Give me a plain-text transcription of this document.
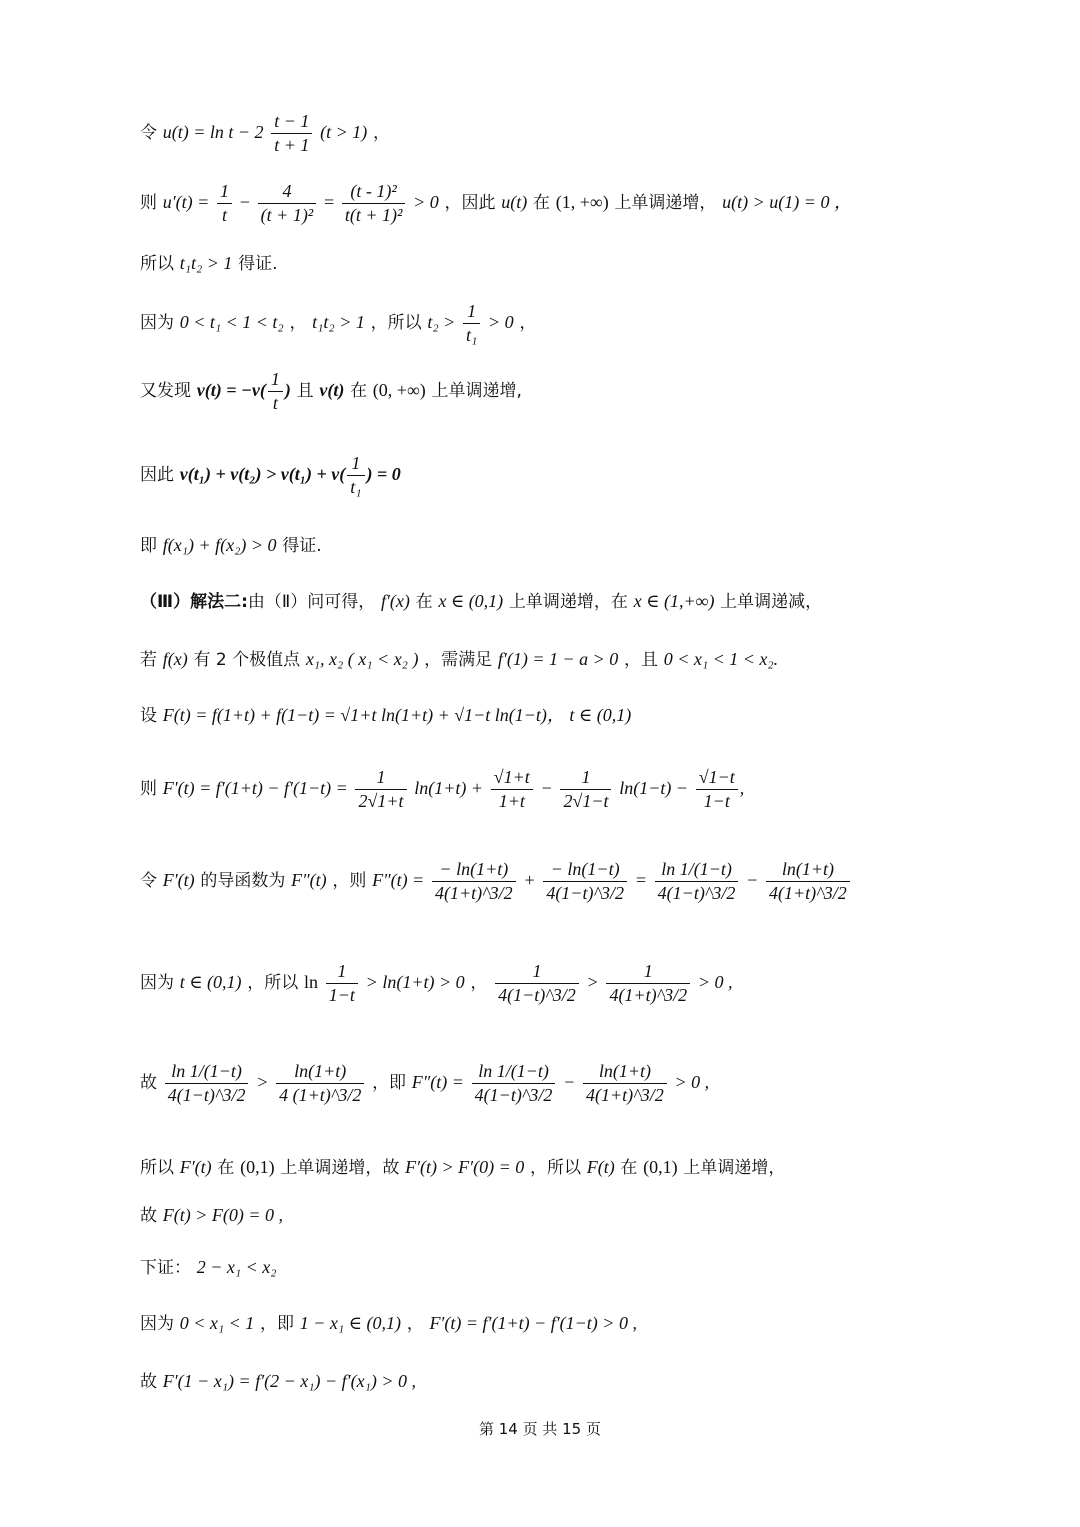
令 $u(t) = \ln t - 2 \frac{t - 1}{t + 1} (t > 1)$ ，
则 $u'(t) = \frac{1}{t} - \frac{4}{\text{(t + 1)²}} = \frac{\text{(t - 1)²}}{\text{t(t + 1)²}} > 0$ ，因此 u(t) 在 (1, +∞) 上单调递增， u(t) > u(1) = 0 ，
所以 t₁t₂ > 1 得证.
因为 0 < t₁ < 1 < t₂ ， t₁t₂ > 1 ，所以 $t_2 > \frac{1}{\text{t₁}} > 0$ ，
又发现 $v(t) = -v( \frac{1}{t}$ ) 且 v(t) 在 (0, +∞) 上单调递增,
因此 $v(t_1) + v(t_2) > v(t_1) + v( \frac{1}{\text{t₁}}$ ) = 0
即 f(x₁) + f(x₂) > 0 得证.
（Ⅲ）解法二:由（Ⅱ）问可得， f′(x) 在 x ∈ (0,1) 上单调递增，在 x ∈ (1,+∞) 上单调递减，
若 f(x) 有 2 个极值点 x₁, x₂ ( x₁ < x₂ ) ，需满足 f′(1) = 1 − a > 0 ，且 0 < x₁ < 1 < x₂.
设 F(t) = f(1+t) + f(1−t) = √1+t ln(1+t) + √1−t ln(1−t)， t ∈ (0,1)
则 $F'(t) = f'(1+t) - f'(1-t) = \frac{1}{2√1+t} \ln(1+t) + \frac{√1+t}{1+t} - \frac{1}{2√1-t} \ln(1-t) - \frac{√1-t}{1-t}$ ,
令 F′(t) 的导函数为 F″(t) ，则 $F''(t) = \frac{- \ln(1+t)}{4(1+t)\^{}3/2} + \frac{- \ln(1-t)}{4(1-t)\^{}3/2} = \frac{\ln 1/(1-t)}{4(1-t)\^{}3/2} - \frac{\ln(1+t)}{4(1+t)\^{}3/2}$
因为 t ∈ (0,1) ，所以 $\ln \frac{1}{1-t} > \ln(1+t) > 0$ ， $\frac{1}{4(1-t)\^{}3/2} > \frac{1}{4(1+t)\^{}3/2} > 0$ ,
故 $\frac{\ln 1/(1-t)}{4(1-t)\^{}3/2} > \frac{\ln(1+t)}{4 (1+t)\^{}3/2}$ ，即 $F''(t) = \frac{\ln 1/(1-t)}{4(1-t)\^{}3/2} - \frac{\ln(1+t)}{4(1+t)\^{}3/2} > 0$ ,
所以 F′(t) 在 (0,1) 上单调递增，故 F′(t) > F′(0) = 0 ，所以 F(t) 在 (0,1) 上单调递增，
故 F(t) > F(0) = 0 ,
下证： 2 − x₁ < x₂
因为 0 < x₁ < 1 ，即 1 − x₁ ∈ (0,1) ， F′(t) = f′(1+t) − f′(1−t) > 0 ,
故 F′(1 − x₁) = f′(2 − x₁) − f′(x₁) > 0 ,
第 14 页 共 15 页
